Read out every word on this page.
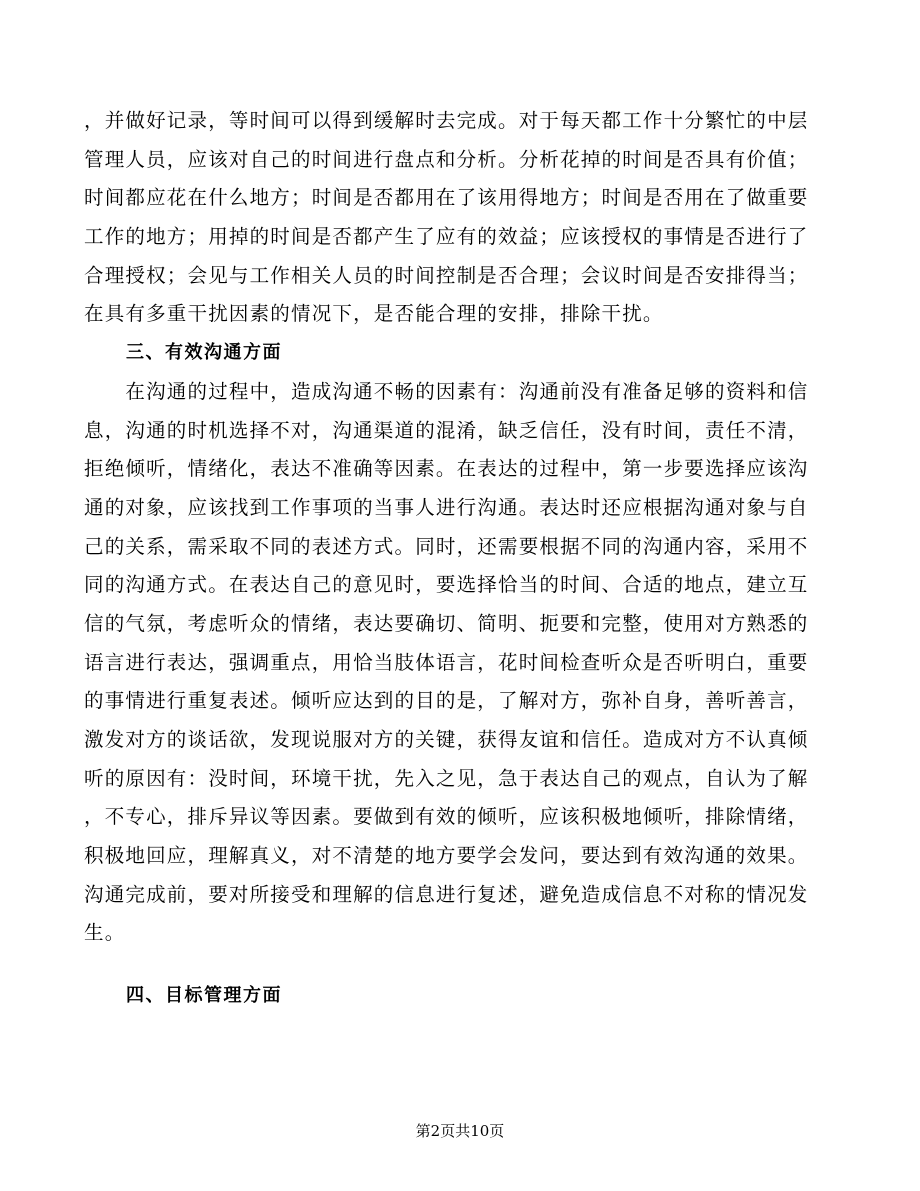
，并做好记录，等时间可以得到缓解时去完成。对于每天都工作十分繁忙的中层
管理人员，应该对自己的时间进行盘点和分析。分析花掉的时间是否具有价值；
时间都应花在什么地方；时间是否都用在了该用得地方；时间是否用在了做重要
工作的地方；用掉的时间是否都产生了应有的效益；应该授权的事情是否进行了
合理授权；会见与工作相关人员的时间控制是否合理；会议时间是否安排得当；
在具有多重干扰因素的情况下，是否能合理的安排，排除干扰。
三、有效沟通方面
　　在沟通的过程中，造成沟通不畅的因素有：沟通前没有准备足够的资料和信
息，沟通的时机选择不对，沟通渠道的混淆，缺乏信任，没有时间，责任不清，
拒绝倾听，情绪化，表达不准确等因素。在表达的过程中，第一步要选择应该沟
通的对象，应该找到工作事项的当事人进行沟通。表达时还应根据沟通对象与自
己的关系，需采取不同的表述方式。同时，还需要根据不同的沟通内容，采用不
同的沟通方式。在表达自己的意见时，要选择恰当的时间、合适的地点，建立互
信的气氛，考虑听众的情绪，表达要确切、简明、扼要和完整，使用对方熟悉的
语言进行表达，强调重点，用恰当肢体语言，花时间检查听众是否听明白，重要
的事情进行重复表述。倾听应达到的目的是，了解对方，弥补自身，善听善言，
激发对方的谈话欲，发现说服对方的关键，获得友谊和信任。造成对方不认真倾
听的原因有：没时间，环境干扰，先入之见，急于表达自己的观点，自认为了解
，不专心，排斥异议等因素。要做到有效的倾听，应该积极地倾听，排除情绪，
积极地回应，理解真义，对不清楚的地方要学会发问，要达到有效沟通的效果。
沟通完成前，要对所接受和理解的信息进行复述，避免造成信息不对称的情况发
生。
四、目标管理方面
第2页共10页
